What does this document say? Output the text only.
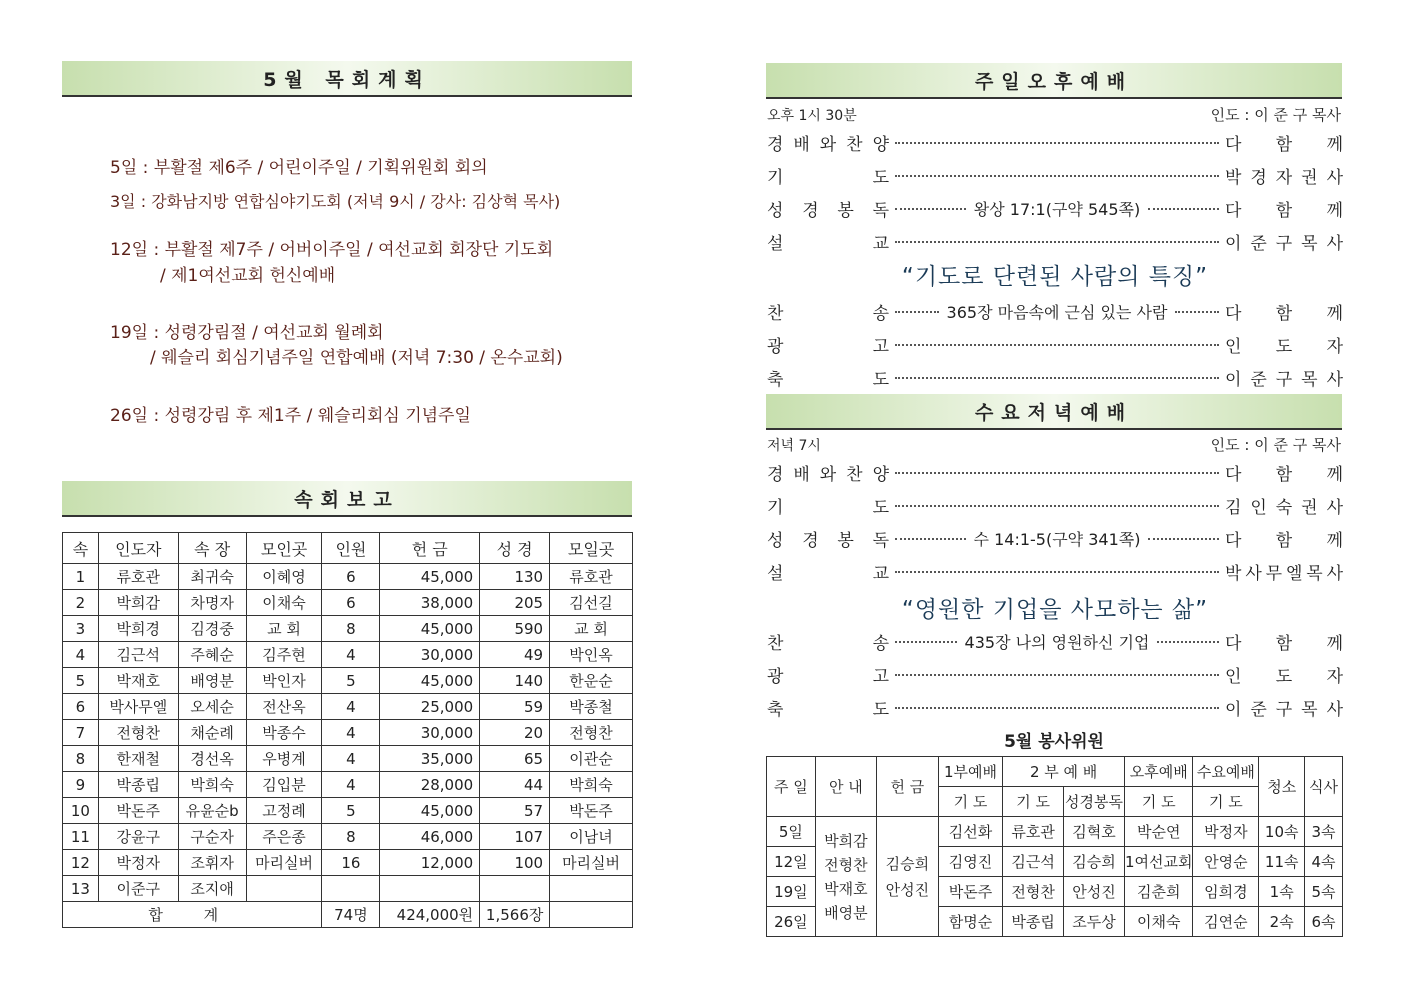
5월 목회계획
5일 : 부활절 제6주 / 어린이주일 / 기획위원회 회의
3일 : 강화남지방 연합심야기도회 (저녁 9시 / 강사: 김상혁 목사)
12일 : 부활절 제7주 / 어버이주일 / 여선교회 회장단 기도회
/ 제1여선교회 헌신예배
19일 : 성령강림절 / 여선교회 월례회
/ 웨슬리 회심기념주일 연합예배 (저녁 7:30 / 온수교회)
26일 : 성령강림 후 제1주 / 웨슬리회심 기념주일
속회보고
속	인도자	속 장	모인곳	인원	헌 금	성 경	모일곳
1	류호관	최귀숙	이혜영	6	45,000	130	류호관
2	박희감	차명자	이채숙	6	38,000	205	김선길
3	박희경	김경중	교 회	8	45,000	590	교 회
4	김근석	주혜순	김주현	4	30,000	49	박인옥
5	박재호	배영분	박인자	5	45,000	140	한운순
6	박사무엘	오세순	전산옥	4	25,000	59	박종철
7	전형찬	채순례	박종수	4	30,000	20	전형찬
8	한재철	경선옥	우병계	4	35,000	65	이관순
9	박종립	박희숙	김입분	4	28,000	44	박희숙
10	박돈주	유윤순b	고정례	5	45,000	57	박돈주
11	강윤구	구순자	주은종	8	46,000	107	이남녀
12	박정자	조휘자	마리실버	16	12,000	100	마리실버
13	이준구	조지애					
합 계				74명	424,000원	1,566장	
주일오후예배
오후 1시 30분	인도 : 이 준 구 목사
경 배 와 찬 양	다 함 께
기	도	박 경 자 권 사
성 경 봉 독	왕상 17:1(구약 545쪽)	다 함 께
설	교	이 준 구 목 사
“기도로 단련된 사람의 특징”
찬	송	365장 마음속에 근심 있는 사람	다 함 께
광	고	인 도 자
축	도	이 준 구 목 사
수요저녁예배
저녁 7시	인도 : 이 준 구 목사
경 배 와 찬 양	다 함 께
기	도	김 인 숙 권 사
성 경 봉 독	수 14:1-5(구약 341쪽)	다 함 께
설	교	박 사 무 엘 목 사
“영원한 기업을 사모하는 삶”
찬	송	435장 나의 영원하신 기업	다 함 께
광	고	인 도 자
축	도	이 준 구 목 사
5월 봉사위원
주 일	안 내	헌 금	1부예배	2 부 예 배		오후예배	수요예배	청소	식사
			기 도	기 도	성경봉독	기 도	기 도		
5일	박희감 전형찬 박재호 배영분	김승희 안성진	김선화	류호관	김혁호	박순연	박정자	10속	3속
12일			김영진	김근석	김승희	1여선교회	안영순	11속	4속
19일			박돈주	전형찬	안성진	김춘희	임희경	1속	5속
26일			함명순	박종립	조두상	이채숙	김연순	2속	6속
